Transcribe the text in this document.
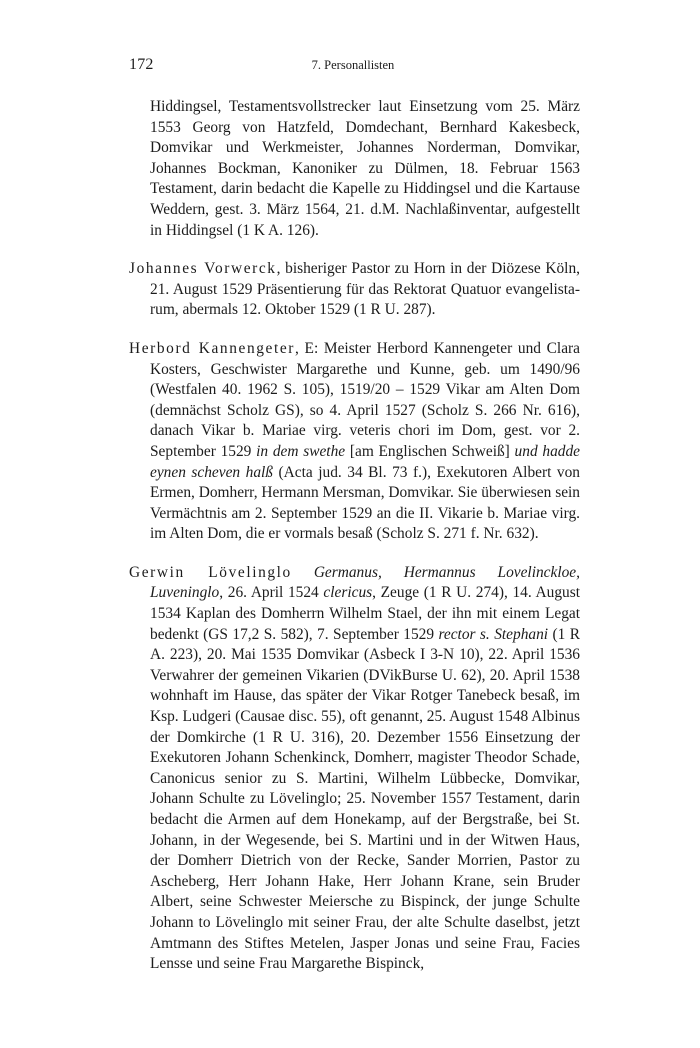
172	7. Personallisten

Hiddingsel, Testamentsvollstrecker laut Einsetzung vom 25. März 1553 Georg von Hatzfeld, Domdechant, Bernhard Kakesbeck, Domvikar und Werkmeister, Johannes Norderman, Domvikar, Johannes Bockman, Kanoniker zu Dülmen, 18. Februar 1563 Testament, darin bedacht die Kapelle zu Hiddingsel und die Kartause Weddern, gest. 3. März 1564, 21. d.M. Nachlaßinventar, aufgestellt in Hiddingsel (1 K A. 126).

Johannes Vorwerck, bisheriger Pastor zu Horn in der Diözese Köln, 21. August 1529 Präsentierung für das Rektorat Quatuor evangelistarum, abermals 12. Oktober 1529 (1 R U. 287).

Herbord Kannengeter, E: Meister Herbord Kannengeter und Clara Kosters, Geschwister Margarethe und Kunne, geb. um 1490/96 (Westfalen 40. 1962 S. 105), 1519/20 – 1529 Vikar am Alten Dom (demnächst Scholz GS), so 4. April 1527 (Scholz S. 266 Nr. 616), danach Vikar b. Mariae virg. veteris chori im Dom, gest. vor 2. September 1529 in dem swethe [am Englischen Schweiß] und hadde eynen scheven halß (Acta jud. 34 Bl. 73 f.), Exekutoren Albert von Ermen, Domherr, Hermann Mersman, Domvikar. Sie überwiesen sein Vermächtnis am 2. September 1529 an die II. Vikarie b. Mariae virg. im Alten Dom, die er vormals besaß (Scholz S. 271 f. Nr. 632).

Gerwin Lövelinglo Germanus, Hermannus Lovelinckloe, Luveninglo, 26. April 1524 clericus, Zeuge (1 R U. 274), 14. August 1534 Kaplan des Domherrn Wilhelm Stael, der ihn mit einem Legat bedenkt (GS 17,2 S. 582), 7. September 1529 rector s. Stephani (1 R A. 223), 20. Mai 1535 Domvikar (Asbeck I 3-N 10), 22. April 1536 Verwahrer der gemeinen Vikarien (DVikBurse U. 62), 20. April 1538 wohnhaft im Hause, das später der Vikar Rotger Tanebeck besaß, im Ksp. Ludgeri (Causae disc. 55), oft genannt, 25. August 1548 Albinus der Domkirche (1 R U. 316), 20. Dezember 1556 Einsetzung der Exekutoren Johann Schenkinck, Domherr, magister Theodor Schade, Canonicus senior zu S. Martini, Wilhelm Lübbecke, Domvikar, Johann Schulte zu Lövelinglo; 25. November 1557 Testament, darin bedacht die Armen auf dem Honekamp, auf der Bergstraße, bei St. Johann, in der Wegesende, bei S. Martini und in der Witwen Haus, der Domherr Dietrich von der Recke, Sander Morrien, Pastor zu Ascheberg, Herr Johann Hake, Herr Johann Krane, sein Bruder Albert, seine Schwester Meiersche zu Bispinck, der junge Schulte Johann to Lövelinglo mit seiner Frau, der alte Schulte daselbst, jetzt Amtmann des Stiftes Metelen, Jasper Jonas und seine Frau, Facies Lensse und seine Frau Margarethe Bispinck,
